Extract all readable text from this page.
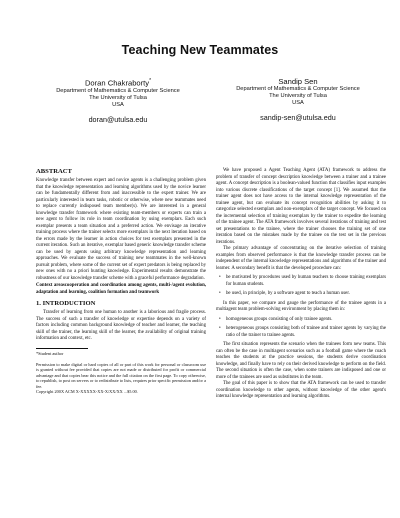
Teaching New Teammates
Doran Chakraborty*
Department of Mathematics & Computer Science
The University of Tulsa
USA
doran@utulsa.edu
Sandip Sen
Department of Mathematics & Computer Science
The University of Tulsa
USA
sandip-sen@utulsa.edu
ABSTRACT

Knowledge transfer between expert and novice agents is a challenging problem given that the knowledge representation and learning algorithms used by the novice learner can be fundamentally different from and inaccessible to the expert trainer. We are particularly interested in team tasks, robotic or otherwise, where new teammates need to replace currently indisposed team member(s). We are interested in a general knowledge transfer framework where existing team-members or experts can train a new agent to follow its role in team coordination by using exemplars. Each such exemplar presents a team situation and a preferred action. We envisage an iterative training process where the trainer selects more exemplars in the next iteration based on the errors made by the learner in action choices for test exemplars presented in the current iteration. Such an iterative, exemplar based generic knowledge transfer scheme can be used by agents using arbitrary knowledge representation and learning approaches. We evaluate the success of training new teammates in the well-known pursuit problem, where some of the current set of expert predators is being replaced by new ones with no a priori hunting knowledge. Experimental results demonstrate the robustness of our knowledge transfer scheme with a graceful performance degradation.

Context areascooperation and coordination among agents, multi-/agent evolution, adaptation and learning, coalition formation and teamwork

1. INTRODUCTION

Transfer of learning from one human to another is a laborious and fragile process. The success of such a transfer of knowledge or expertise depends on a variety of factors including common background knowledge of teacher and learner, the teaching skill of the trainer, the learning skill of the learner, the availability of original training information and context, etc.

*Student author

Permission to make digital or hard copies of all or part of this work for personal or classroom use is granted without fee provided that copies are not made or distributed for profit or commercial advantage and that copies bear this notice and the full citation on the first page. To copy otherwise, to republish, to post on servers or to redistribute to lists, requires prior specific permission and/or a fee.

Copyright 200X ACM X-XXXXX-XX-X/XX/XX ...$5.00.

We have proposed a Agent Teaching Agent (ATA) framework to address the problem of transfer of concept description knowledge between a trainer and a trainee agent. A concept description is a boolean-valued function that classifies input examples into various discrete classifications of the target concept [1]. We assumed that the trainer agent does not have access to the internal knowledge representation of the trainee agent, but can evaluate its concept recognition abilities by asking it to categorize selected exemplars and non-exemplars of the target concept. We focused on the incremental selection of training exemplars by the trainer to expedite the learning of the trainee agent. The ATA framework involves several iterations of training and test set presentations to the trainee, where the trainer chooses the training set of one iteration based on the mistakes made by the trainee on the test set in the previous iterations.

The primary advantage of concentrating on the iterative selection of training examples from observed performance is that the knowledge transfer process can be independent of the internal knowledge representations and algorithms of the trainer and learner. A secondary benefit is that the developed procedure can:

• be motivated by procedures used by human teachers to choose training exemplars for human students.
• be used, in principle, by a software agent to teach a human user.

In this paper, we compare and gauge the performance of the trainee agents in a multiagent team problem-solving environment by placing them in:

• homogeneous groups consisting of only trainee agents.
• heterogeneous groups consisting both of trainee and trainer agents by varying the ratio of the trainer to trainee agents.

The first situation represents the scenario when the trainees form new teams. This can often be the case in multiagent scenarios such as a football game where the coach teaches the students at the practice sessions, the students derive coordination knowledge, and finally have to rely on their derived knowledge to perform on the field. The second situation is often the case, when some trainers are indisposed and one or more of the trainees are used as substitutes in the team.

The goal of this paper is to show that the ATA framework can be used to transfer coordination knowledge to other agents, without knowledge of the other agent's internal knowledge representation and learning algorithms.
